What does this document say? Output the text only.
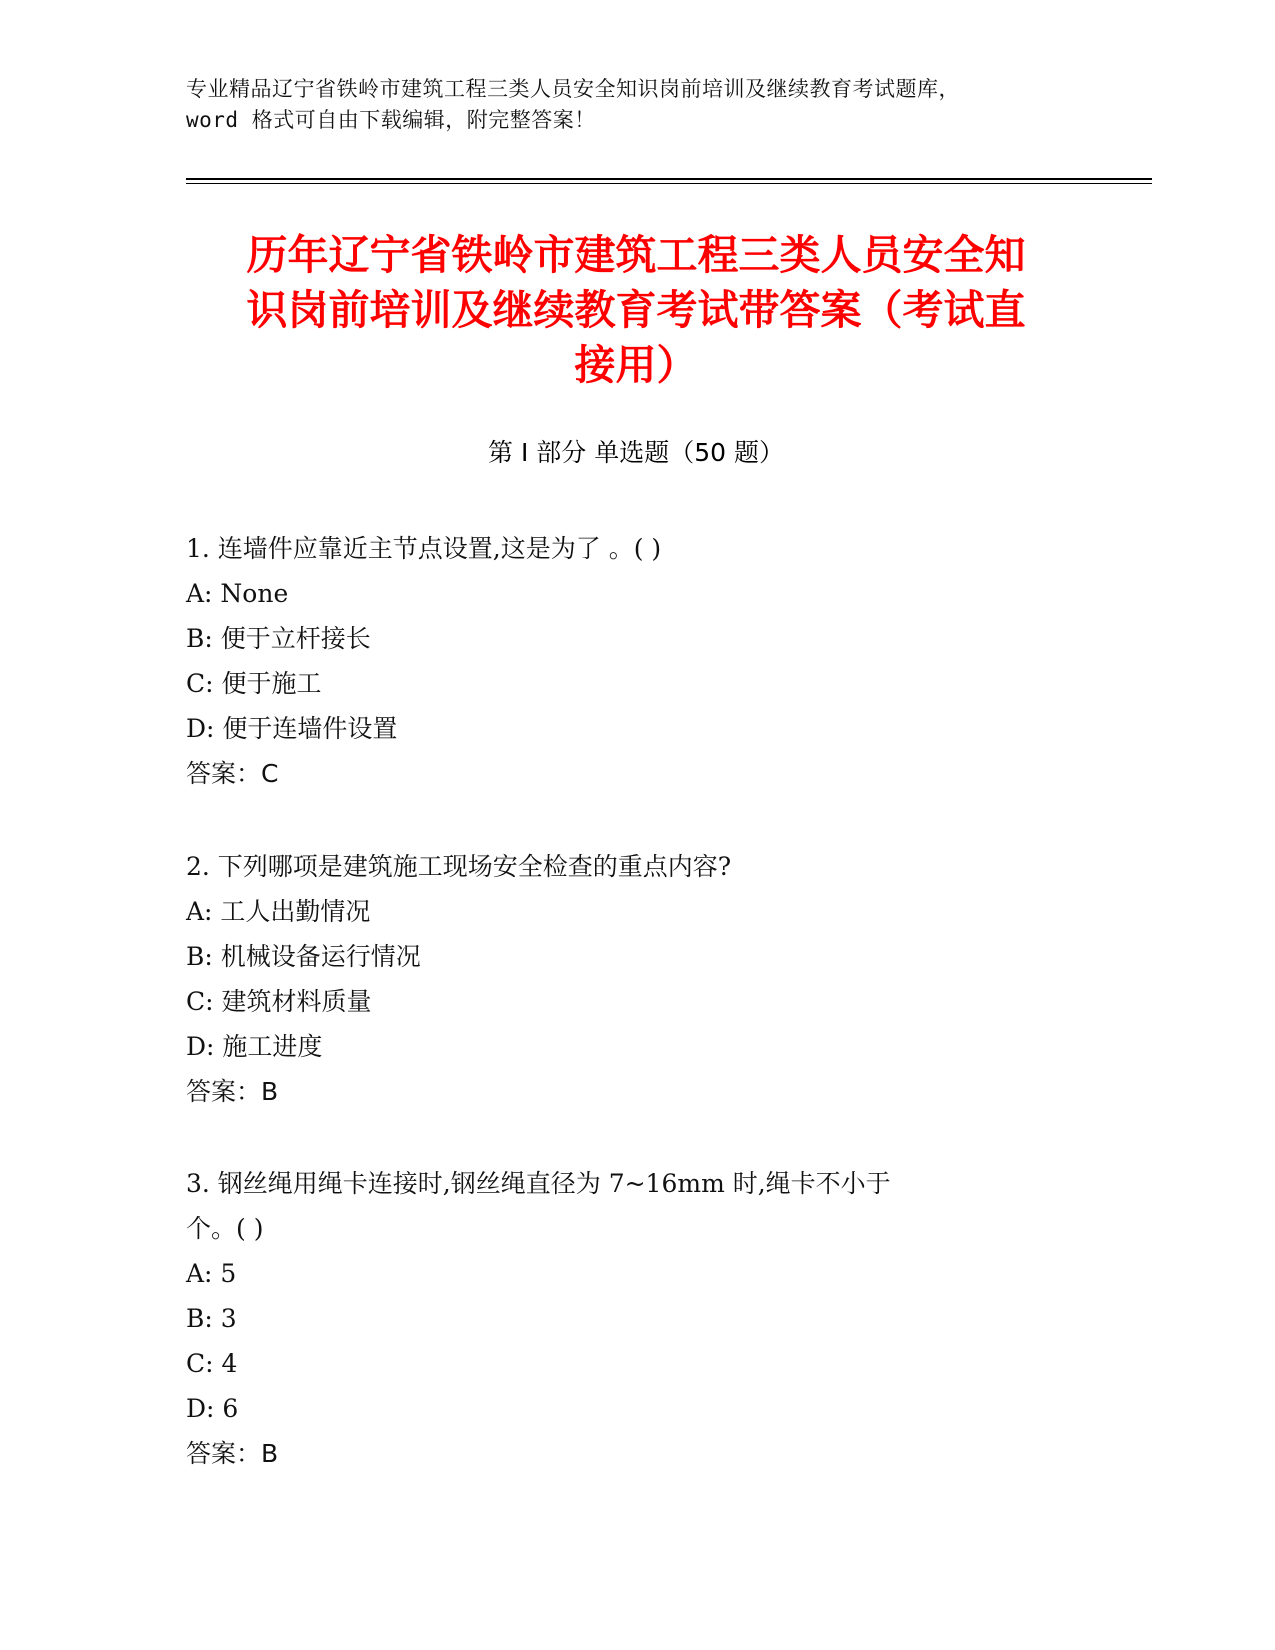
专业精品辽宁省铁岭市建筑工程三类人员安全知识岗前培训及继续教育考试题库，
word 格式可自由下载编辑，附完整答案！
历年辽宁省铁岭市建筑工程三类人员安全知
识岗前培训及继续教育考试带答案（考试直
接用）
第 I 部分 单选题（50 题）
1. 连墙件应靠近主节点设置,这是为了 。( )
A: None
B: 便于立杆接长
C: 便于施工
D: 便于连墙件设置
答案：C
2. 下列哪项是建筑施工现场安全检查的重点内容?
A: 工人出勤情况
B: 机械设备运行情况
C: 建筑材料质量
D: 施工进度
答案：B
3. 钢丝绳用绳卡连接时,钢丝绳直径为 7~16mm 时,绳卡不小于
个。( )
A: 5
B: 3
C: 4
D: 6
答案：B
